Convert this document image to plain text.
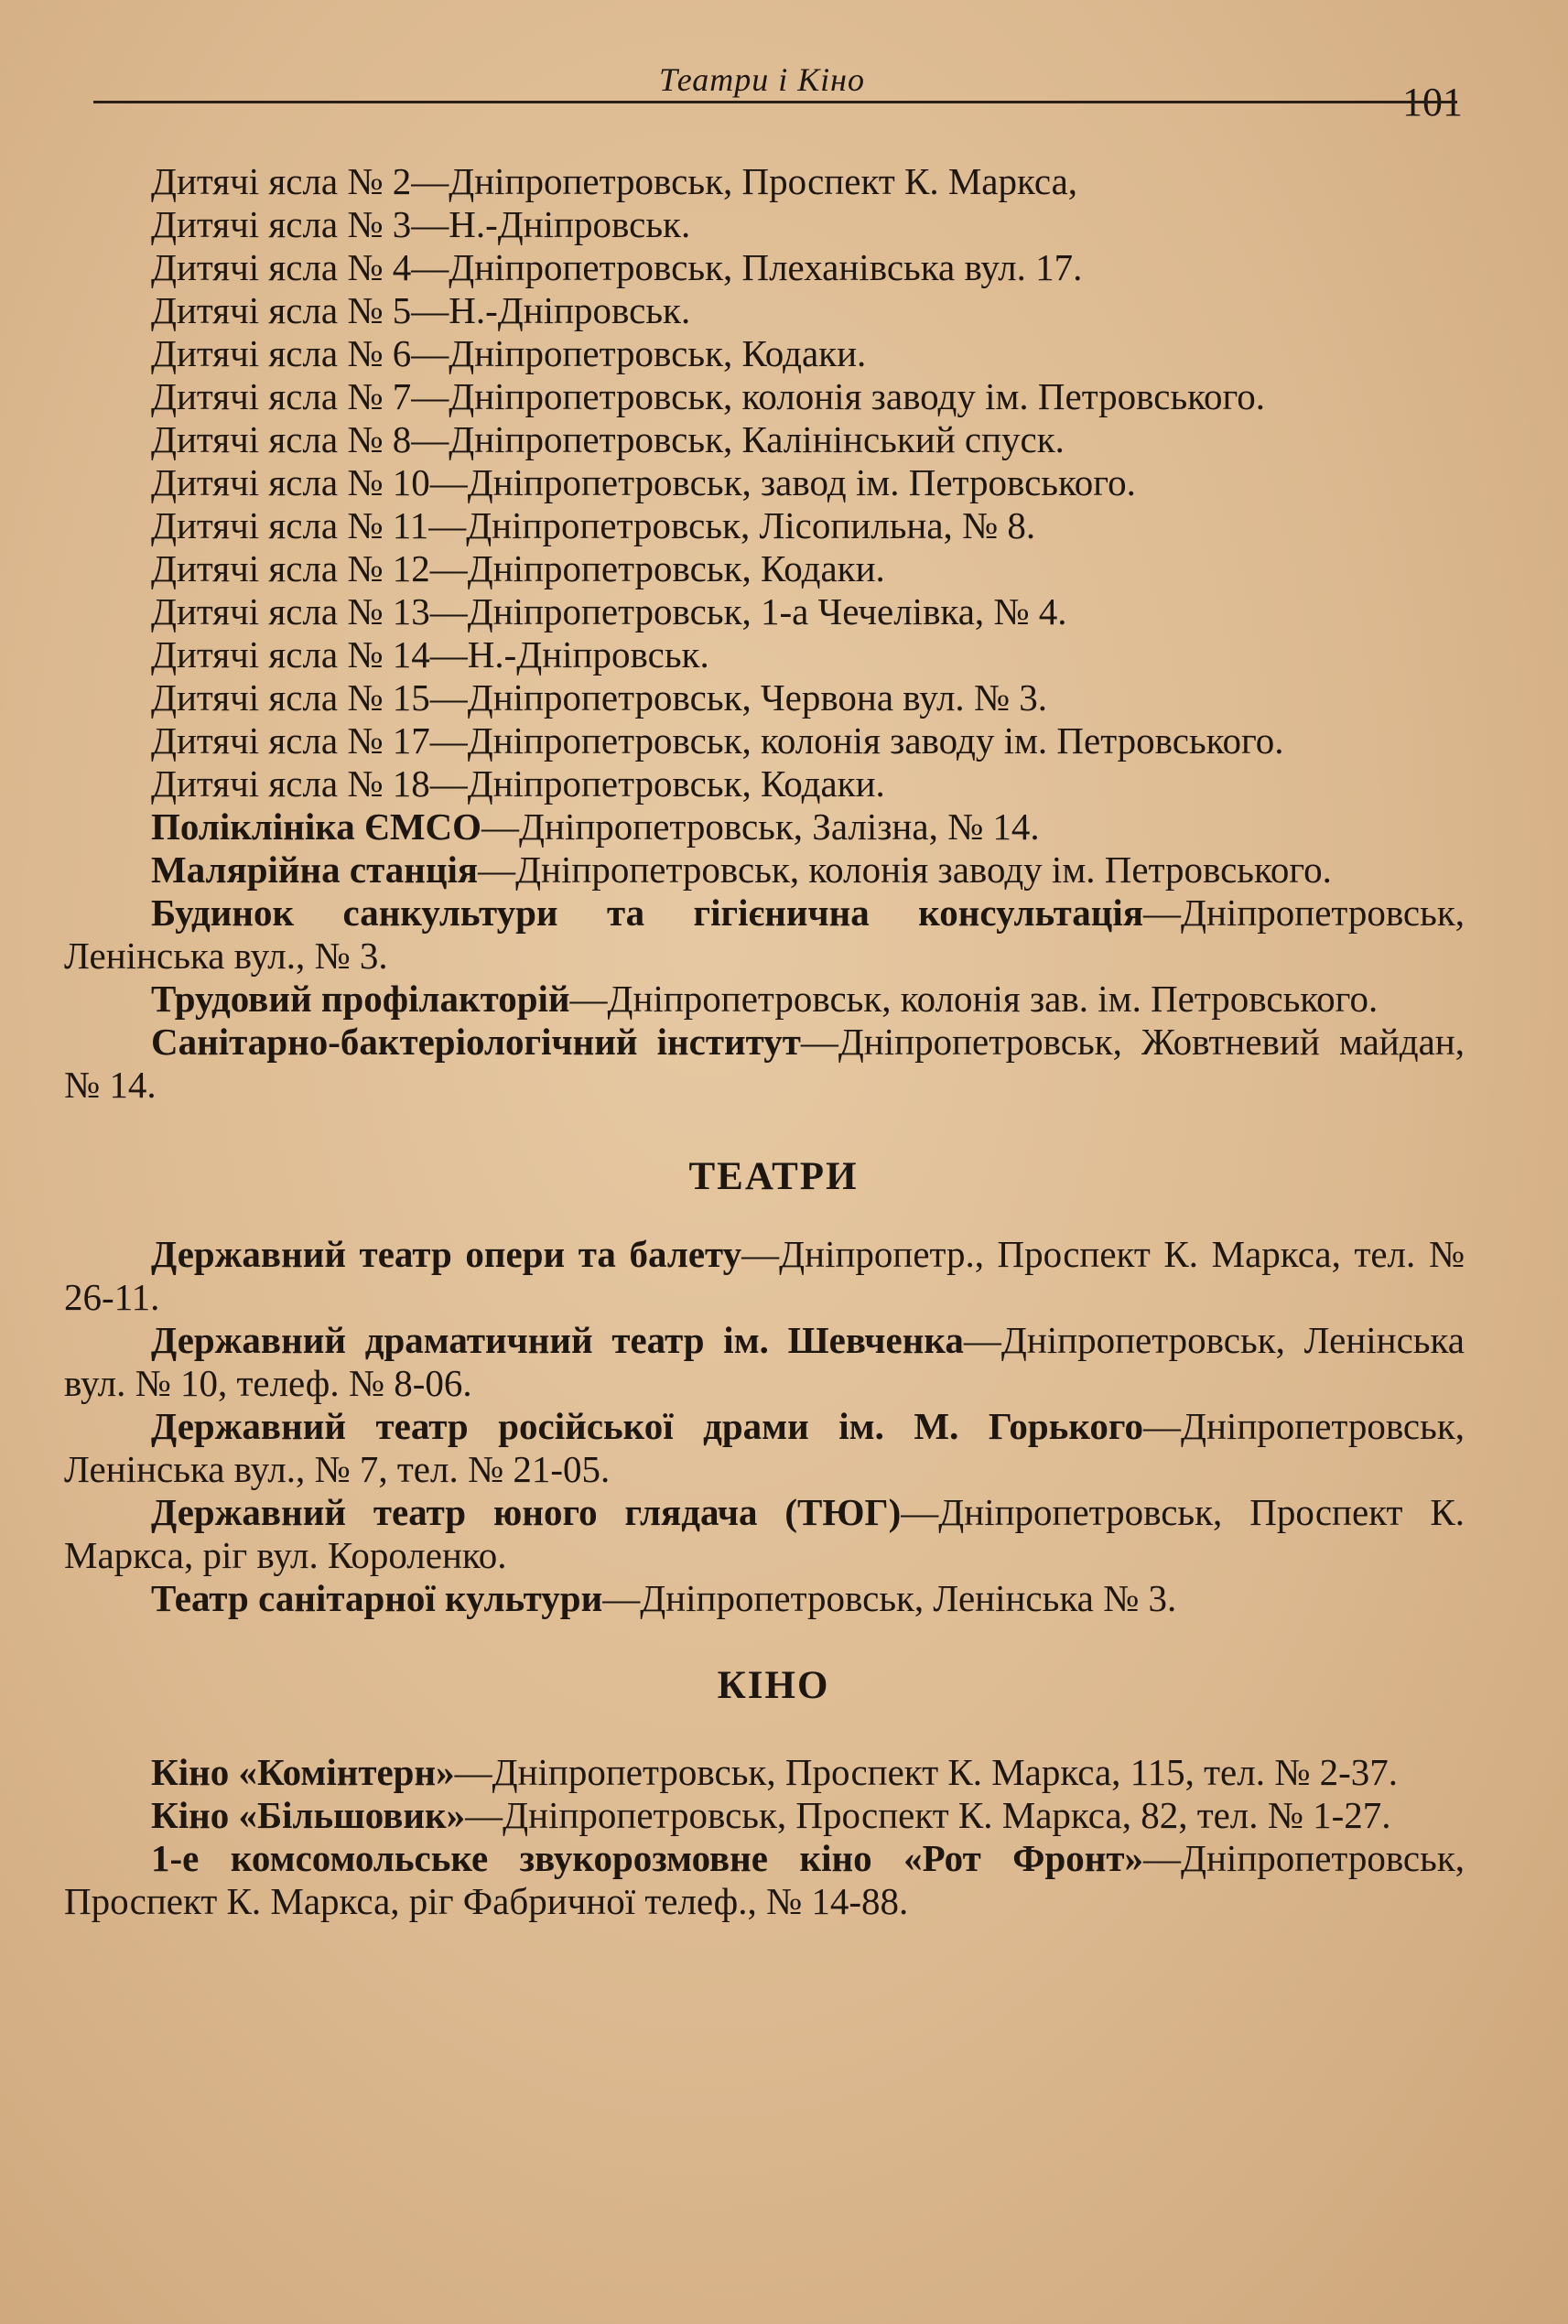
Театри і Кіно	101

Дитячі ясла № 2—Дніпропетровськ, Проспект К. Маркса,

Дитячі ясла № 3—Н.-Дніпровськ.

Дитячі ясла № 4—Дніпропетровськ, Плеханівська вул. 17.

Дитячі ясла № 5—Н.-Дніпровськ.

Дитячі ясла № 6—Дніпропетровськ, Кодаки.

Дитячі ясла № 7—Дніпропетровськ, колонія заводу ім. Петровського.

Дитячі ясла № 8—Дніпропетровськ, Калінінський спуск.

Дитячі ясла № 10—Дніпропетровськ, завод ім. Петровського.

Дитячі ясла № 11—Дніпропетровськ, Лісопильна, № 8.

Дитячі ясла № 12—Дніпропетровськ, Кодаки.

Дитячі ясла № 13—Дніпропетровськ, 1-а Чечелівка, № 4.

Дитячі ясла № 14—Н.-Дніпровськ.

Дитячі ясла № 15—Дніпропетровськ, Червона вул. № 3.

Дитячі ясла № 17—Дніпропетровськ, колонія заводу ім. Петровського.

Дитячі ясла № 18—Дніпропетровськ, Кодаки.

Поліклініка ЄМСО—Дніпропетровськ, Залізна, № 14.

Малярійна станція—Дніпропетровськ, колонія заводу ім. Петровського.

Будинок санкультури та гігієнична консультація—Дніпропетровськ, Ленінська вул., № 3.

Трудовий профілакторій—Дніпропетровськ, колонія зав. ім. Петровського.

Санітарно-бактеріологічний інститут—Дніпропетровськ, Жовтневий майдан, № 14.

ТЕАТРИ

Державний театр опери та балету—Дніпропетр., Проспект К. Маркса, тел. № 26-11.

Державний драматичний театр ім. Шевченка—Дніпропетровськ, Ленінська вул. № 10, телеф. № 8-06.

Державний театр російської драми ім. М. Горького—Дніпропетровськ, Ленінська вул., № 7, тел. № 21-05.

Державний театр юного глядача (ТЮГ)—Дніпропетровськ, Проспект К. Маркса, ріг вул. Короленко.

Театр санітарної культури—Дніпропетровськ, Ленінська № 3.

КІНО

Кіно «Комінтерн»—Дніпропетровськ, Проспект К. Маркса, 115, тел. № 2-37.

Кіно «Більшовик»—Дніпропетровськ, Проспект К. Маркса, 82, тел. № 1-27.

1-е комсомольське звукорозмовне кіно «Рот Фронт»—Дніпропетровськ, Проспект К. Маркса, ріг Фабричної телеф., № 14-88.
